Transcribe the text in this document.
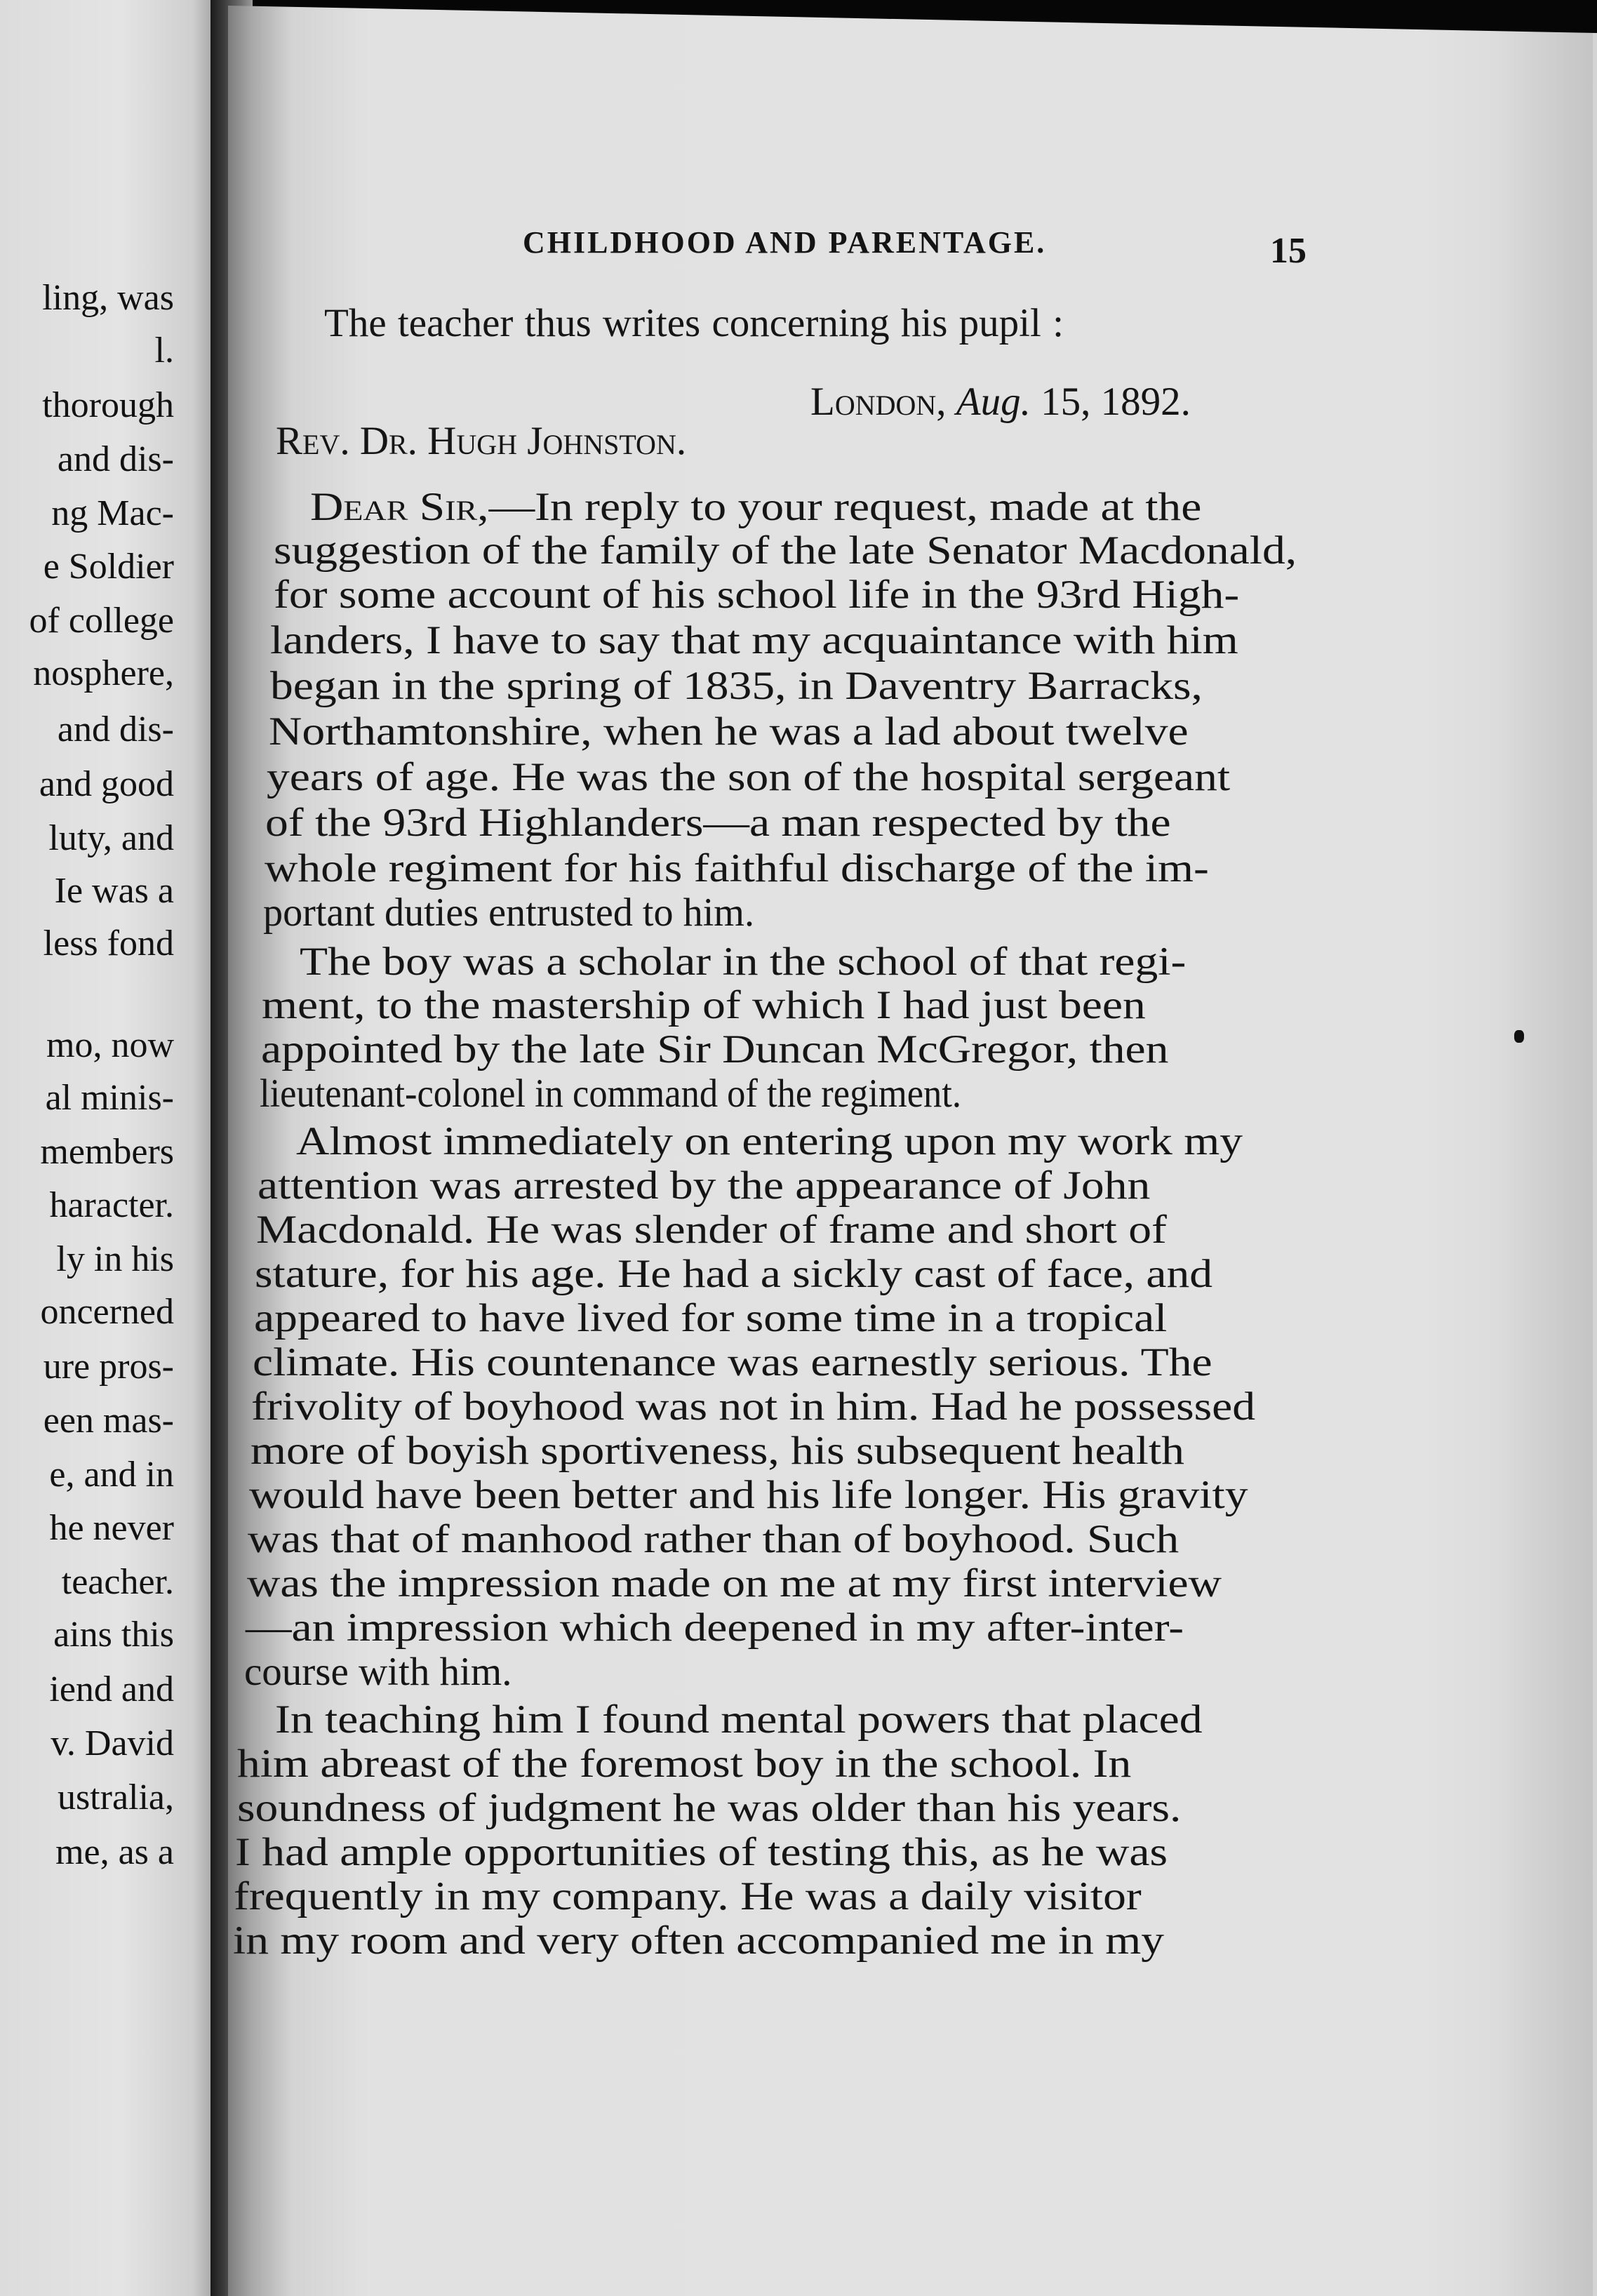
ling, was
l.
thorough
and dis-
ng Mac-
e Soldier
of college
nosphere,
and dis-
and good
luty, and
Ie was a
less fond
mo, now
al minis-
members
haracter.
ly in his
oncerned
ure pros-
een mas-
e, and in
he never
teacher.
ains this
iend and
v. David
ustralia,
me, as a
CHILDHOOD AND PARENTAGE.	15
The teacher thus writes concerning his pupil :
London, Aug. 15, 1892.
Rev. Dr. Hugh Johnston.
Dear Sir,—In reply to your request, made at the
suggestion of the family of the late Senator Macdonald,
for some account of his school life in the 93rd High-
landers, I have to say that my acquaintance with him
began in the spring of 1835, in Daventry Barracks,
Northamtonshire, when he was a lad about twelve
years of age. He was the son of the hospital sergeant
of the 93rd Highlanders—a man respected by the
whole regiment for his faithful discharge of the im-
portant duties entrusted to him.
The boy was a scholar in the school of that regi-
ment, to the mastership of which I had just been
appointed by the late Sir Duncan McGregor, then
lieutenant-colonel in command of the regiment.
Almost immediately on entering upon my work my
attention was arrested by the appearance of John
Macdonald. He was slender of frame and short of
stature, for his age. He had a sickly cast of face, and
appeared to have lived for some time in a tropical
climate. His countenance was earnestly serious. The
frivolity of boyhood was not in him. Had he possessed
more of boyish sportiveness, his subsequent health
would have been better and his life longer. His gravity
was that of manhood rather than of boyhood. Such
was the impression made on me at my first interview
—an impression which deepened in my after-inter-
course with him.
In teaching him I found mental powers that placed
him abreast of the foremost boy in the school. In
soundness of judgment he was older than his years.
I had ample opportunities of testing this, as he was
frequently in my company. He was a daily visitor
in my room and very often accompanied me in my
